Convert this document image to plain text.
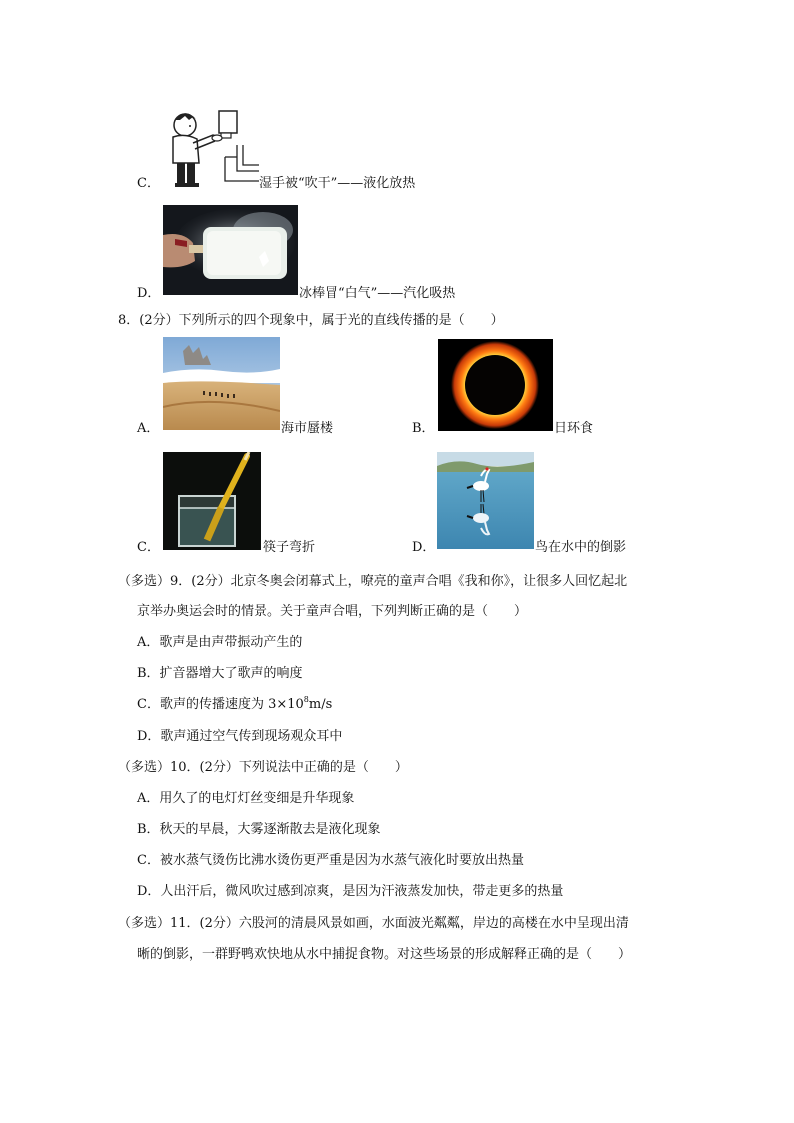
C．	湿手被“吹干”——液化放热
D．	冰棒冒“白气”——汽化吸热
8．(2分）下列所示的四个现象中，属于光的直线传播的是（　　）
A．	海市蜃楼	B．	日环食
C．	筷子弯折	D．	鸟在水中的倒影
（多选）9．(2分）北京冬奥会闭幕式上，嘹亮的童声合唱《我和你》，让很多人回忆起北
京举办奥运会时的情景。关于童声合唱，下列判断正确的是（　　）
A．歌声是由声带振动产生的
B．扩音器增大了歌声的响度
C．歌声的传播速度为 $3\times 10^8m/s$
D．歌声通过空气传到现场观众耳中
（多选）10．(2分）下列说法中正确的是（　　）
A．用久了的电灯灯丝变细是升华现象
B．秋天的早晨，大雾逐渐散去是液化现象
C．被水蒸气烫伤比沸水烫伤更严重是因为水蒸气液化时要放出热量
D．人出汗后，微风吹过感到凉爽，是因为汗液蒸发加快，带走更多的热量
（多选）11．(2分）六股河的清晨风景如画，水面波光粼粼，岸边的高楼在水中呈现出清
晰的倒影，一群野鸭欢快地从水中捕捉食物。对这些场景的形成解释正确的是（　　）
